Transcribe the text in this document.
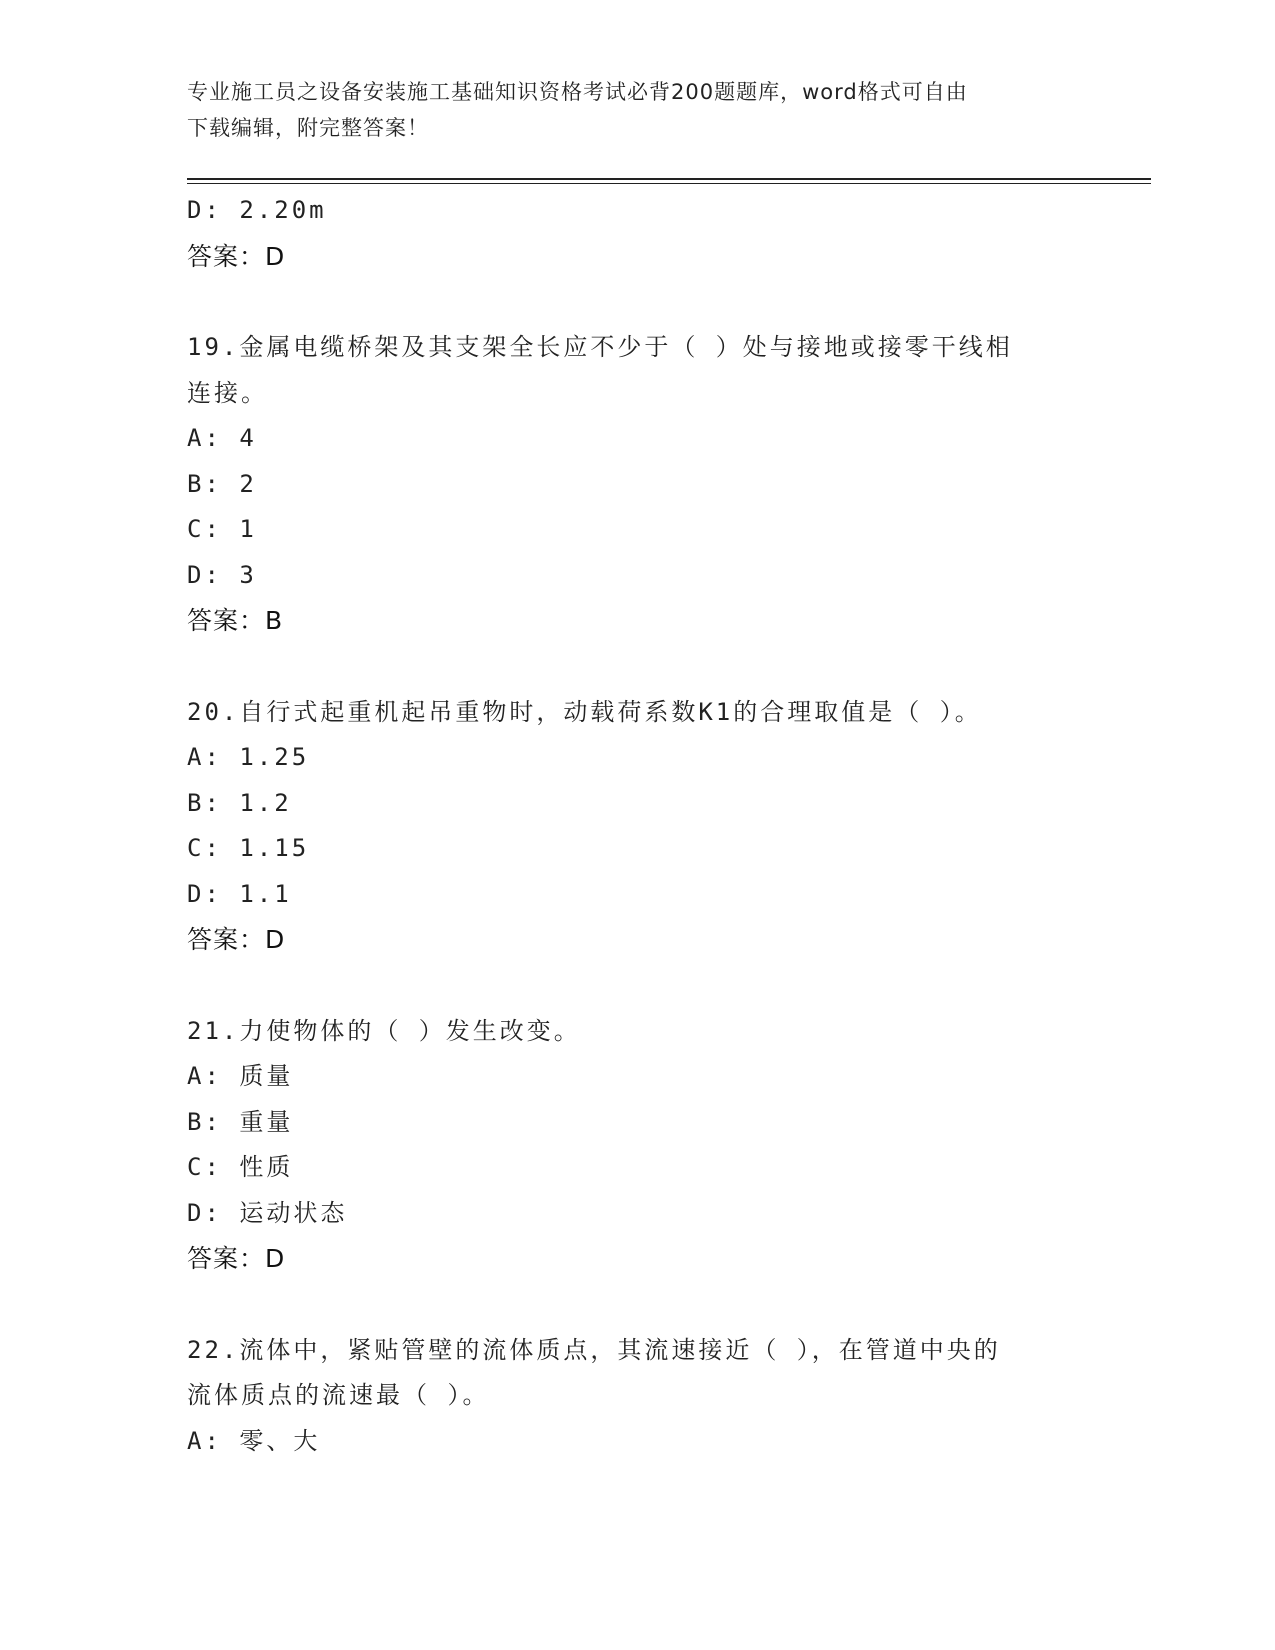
专业施工员之设备安装施工基础知识资格考试必背200题题库，word格式可自由
下载编辑，附完整答案！
D: 2.20m
答案：D
19.金属电缆桥架及其支架全长应不少于（ ）处与接地或接零干线相
连接。
A: 4
B: 2
C: 1
D: 3
答案：B
20.自行式起重机起吊重物时，动载荷系数K1的合理取值是（ ）。
A: 1.25
B: 1.2
C: 1.15
D: 1.1
答案：D
21.力使物体的（ ）发生改变。
A: 质量
B: 重量
C: 性质
D: 运动状态
答案：D
22.流体中，紧贴管壁的流体质点，其流速接近（ ），在管道中央的
流体质点的流速最（ ）。
A: 零、大
